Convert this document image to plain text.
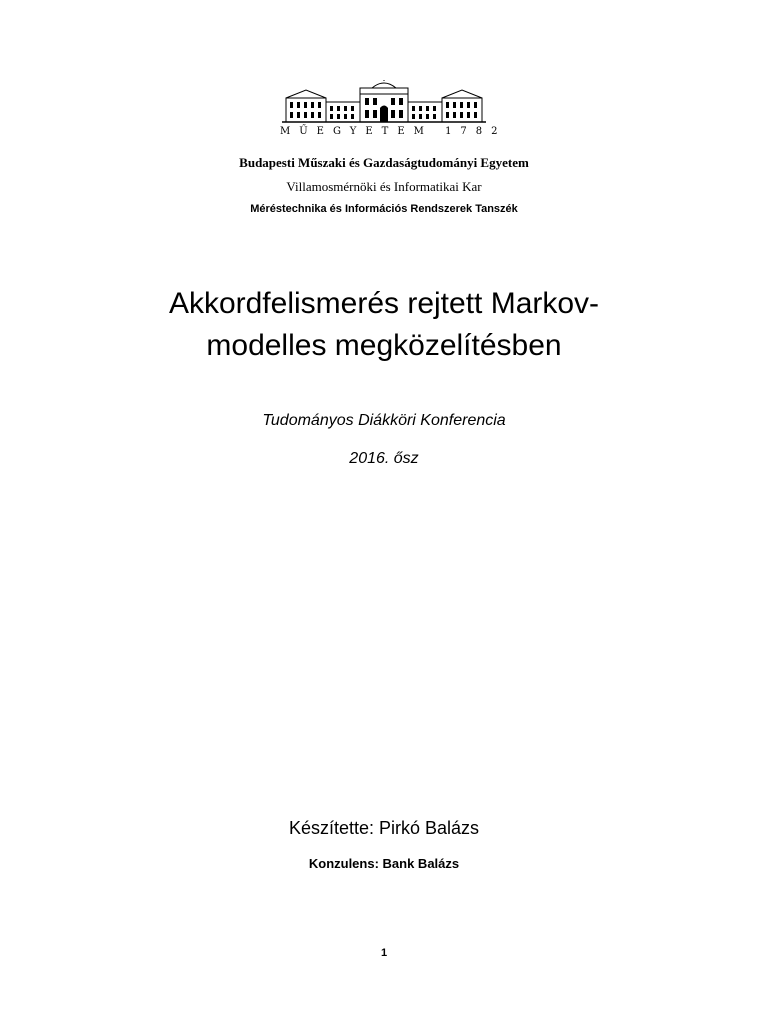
MŰEGYETEM 1782
Budapesti Műszaki és Gazdaságtudományi Egyetem
Villamosmérnöki és Informatikai Kar
Méréstechnika és Információs Rendszerek Tanszék
Akkordfelismerés rejtett Markov-
modelles megközelítésben
Tudományos Diákköri Konferencia
2016. ősz
Készítette: Pirkó Balázs
Konzulens: Bank Balázs
1
